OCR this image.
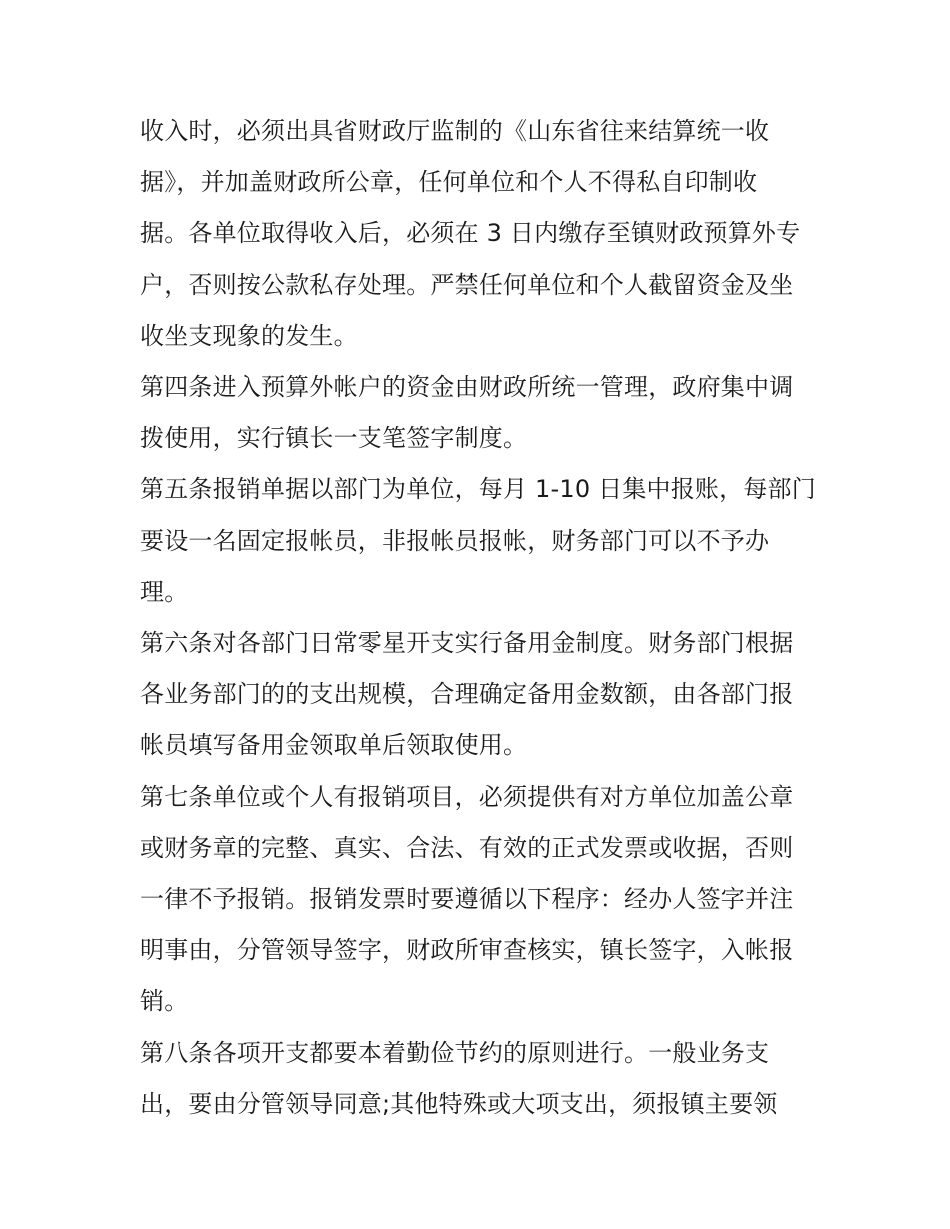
收入时，必须出具省财政厅监制的《山东省往来结算统一收
据》，并加盖财政所公章，任何单位和个人不得私自印制收
据。各单位取得收入后，必须在 3 日内缴存至镇财政预算外专
户，否则按公款私存处理。严禁任何单位和个人截留资金及坐
收坐支现象的发生。
第四条进入预算外帐户的资金由财政所统一管理，政府集中调
拨使用，实行镇长一支笔签字制度。
第五条报销单据以部门为单位，每月 1-10 日集中报账，每部门
要设一名固定报帐员，非报帐员报帐，财务部门可以不予办
理。
第六条对各部门日常零星开支实行备用金制度。财务部门根据
各业务部门的的支出规模，合理确定备用金数额，由各部门报
帐员填写备用金领取单后领取使用。
第七条单位或个人有报销项目，必须提供有对方单位加盖公章
或财务章的完整、真实、合法、有效的正式发票或收据，否则
一律不予报销。报销发票时要遵循以下程序：经办人签字并注
明事由，分管领导签字，财政所审查核实，镇长签字，入帐报
销。
第八条各项开支都要本着勤俭节约的原则进行。一般业务支
出，要由分管领导同意;其他特殊或大项支出，须报镇主要领
